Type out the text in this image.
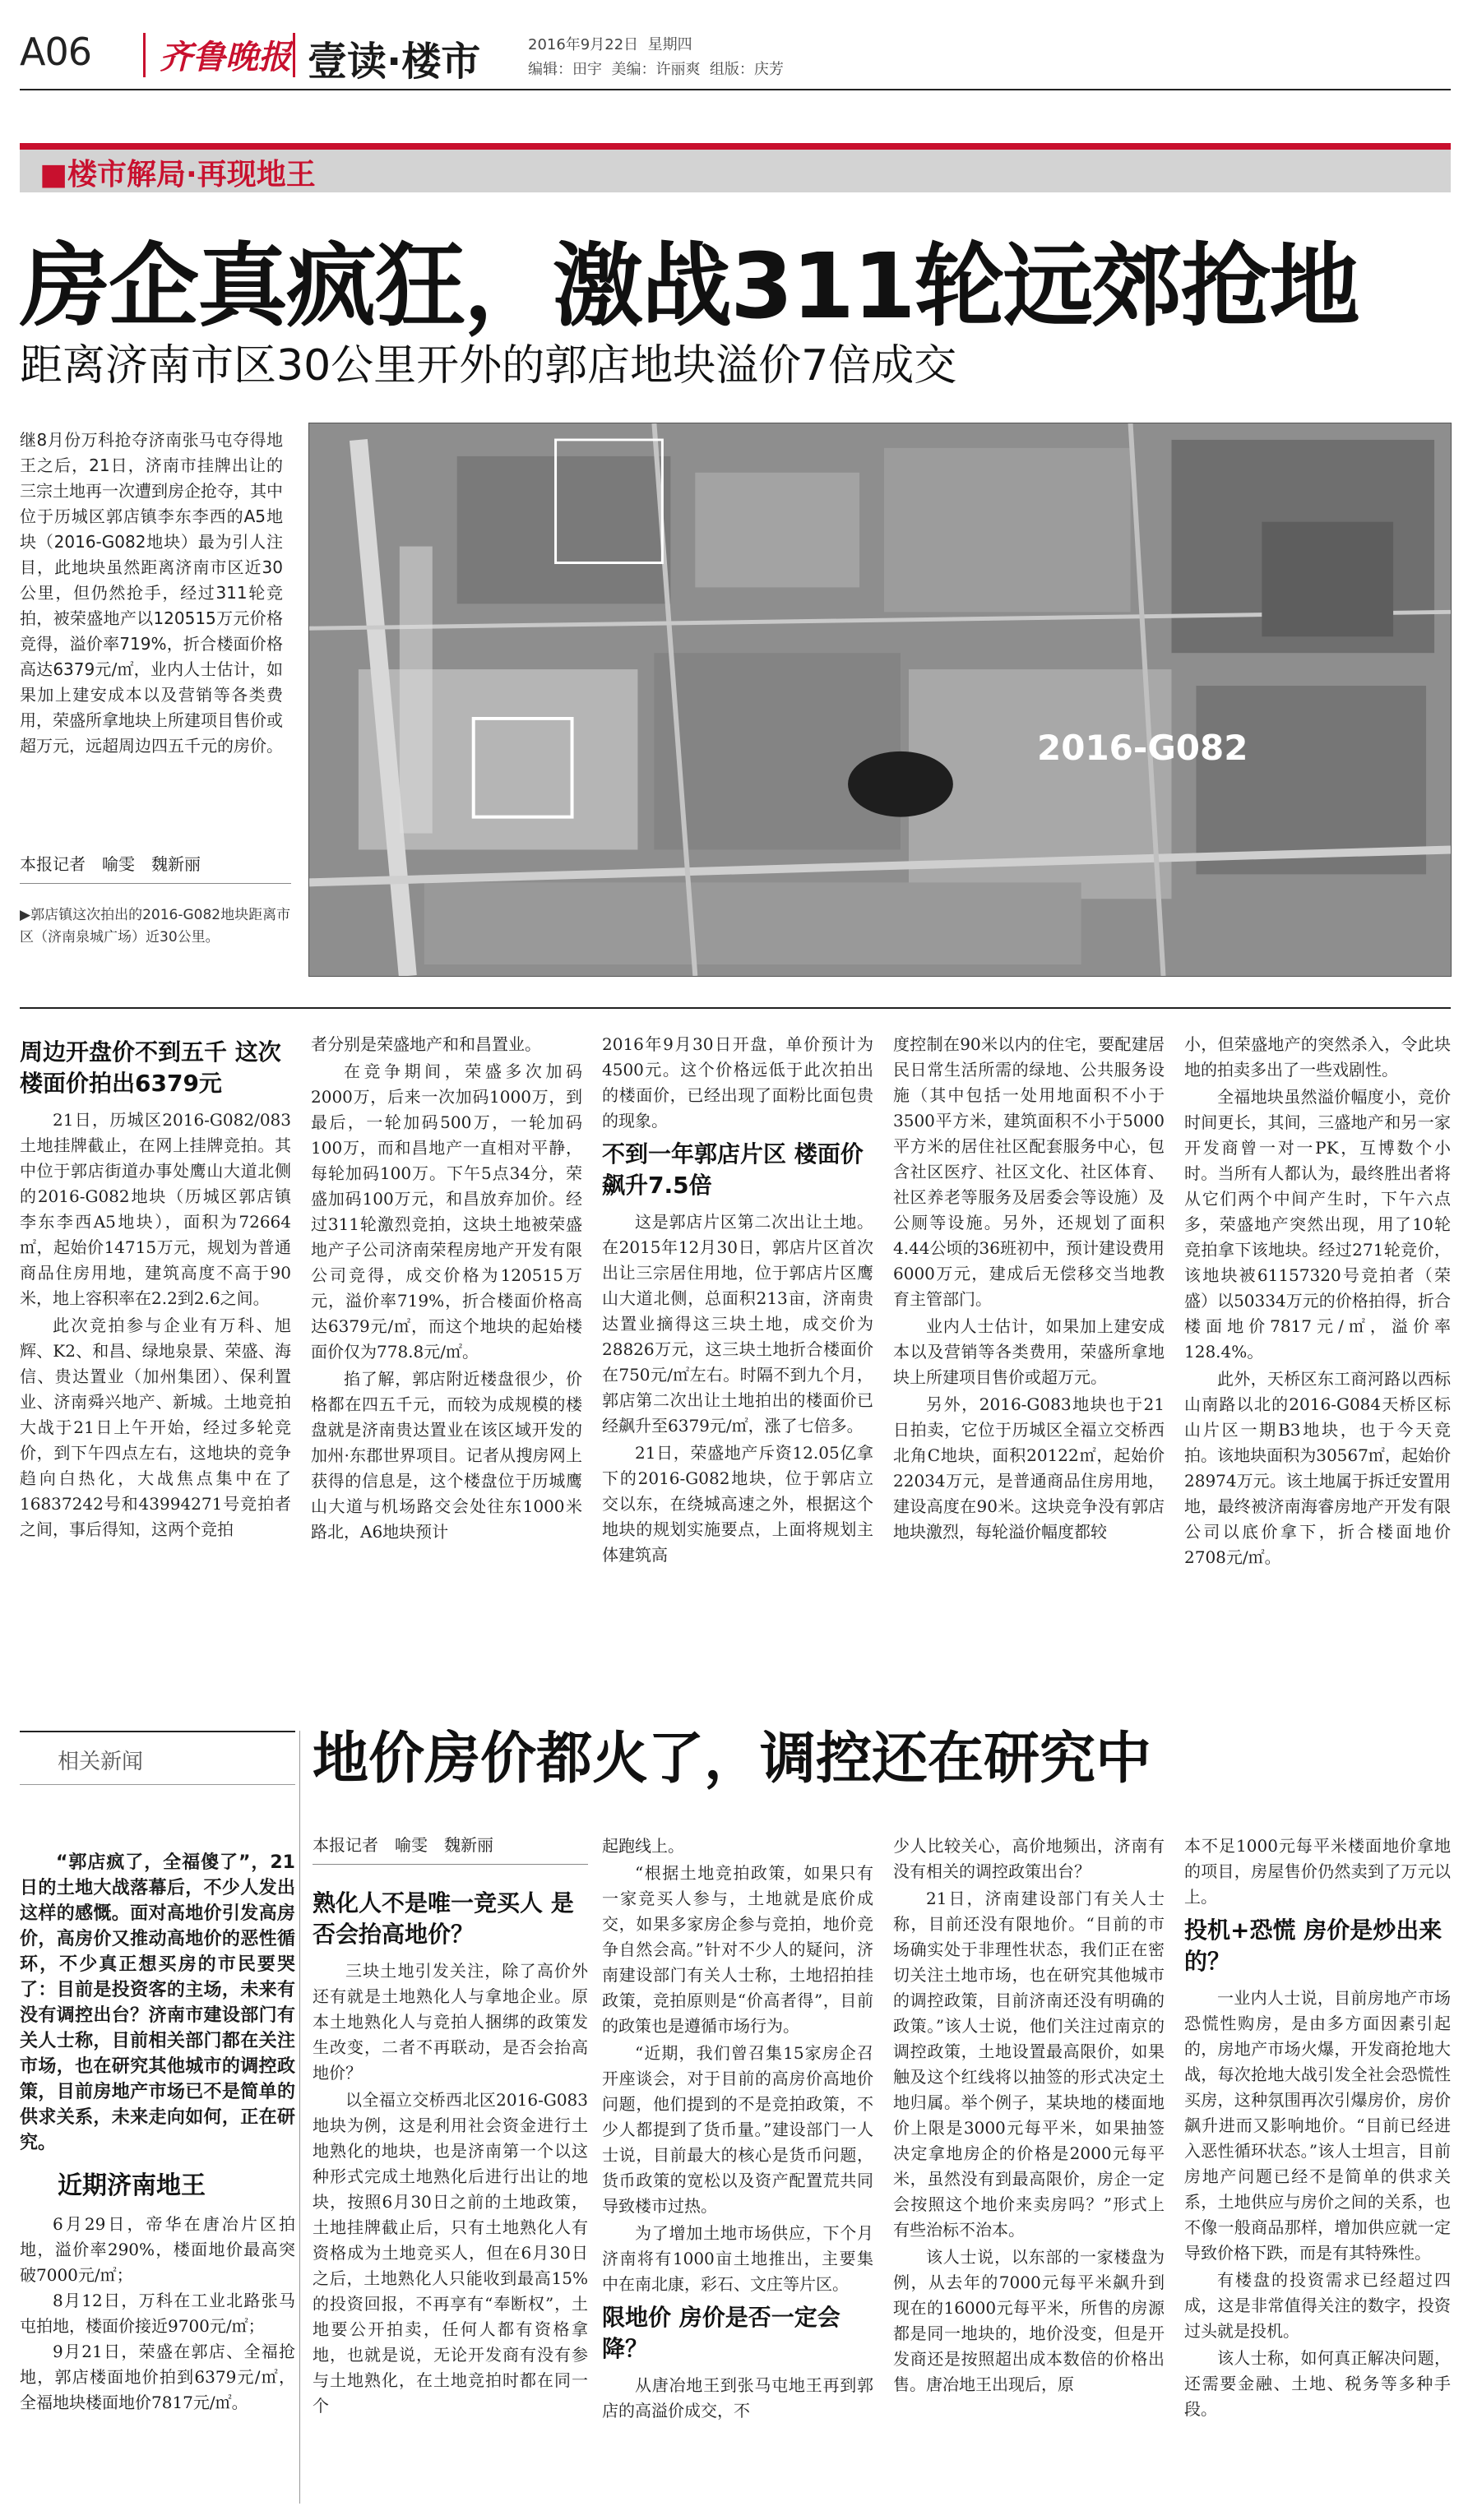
A06 齐鲁晚报 壹读·楼市	2016年9月22日 星期四
编辑：田宇 美编：许丽爽 组版：庆芳
■楼市解局·再现地王
房企真疯狂，激战311轮远郊抢地
距离济南市区30公里开外的郭店地块溢价7倍成交
继8月份万科抢夺济南张马屯夺得地王之后，21日，济南市挂牌出让的三宗土地再一次遭到房企抢夺，其中位于历城区郭店镇李东李西的A5地块（2016-G082地块）最为引人注目，此地块虽然距离济南市区近30公里，但仍然抢手，经过311轮竞拍，被荣盛地产以120515万元价格竞得，溢价率719%，折合楼面价格高达6379元/㎡，业内人士估计，如果加上建安成本以及营销等各类费用，荣盛所拿地块上所建项目售价或超万元，远超周边四五千元的房价。
本报记者　喻雯　魏新丽
▶郭店镇这次拍出的2016-G082地块距离市区（济南泉城广场）近30公里。
2016-G082
周边开盘价不到五千 这次楼面价拍出6379元

21日，历城区2016-G082/083土地挂牌截止，在网上挂牌竞拍。其中位于郭店街道办事处鹰山大道北侧的2016-G082地块（历城区郭店镇李东李西A5地块），面积为72664㎡，起始价14715万元，规划为普通商品住房用地，建筑高度不高于90米，地上容积率在2.2到2.6之间。

此次竞拍参与企业有万科、旭辉、K2、和昌、绿地泉景、荣盛、海信、贵达置业（加州集团）、保利置业、济南舜兴地产、新城。土地竞拍大战于21日上午开始，经过多轮竞价，到下午四点左右，这地块的竞争趋向白热化，大战焦点集中在了16837242号和43994271号竞拍者之间，事后得知，这两个竞拍

者分别是荣盛地产和和昌置业。

在竞争期间，荣盛多次加码2000万，后来一次加码1000万，到最后，一轮加码500万，一轮加码100万，而和昌地产一直相对平静，每轮加码100万。下午5点34分，荣盛加码100万元，和昌放弃加价。经过311轮激烈竞拍，这块土地被荣盛地产子公司济南荣程房地产开发有限公司竞得，成交价格为120515万元，溢价率719%，折合楼面价格高达6379元/㎡，而这个地块的起始楼面价仅为778.8元/㎡。

掐了解，郭店附近楼盘很少，价格都在四五千元，而较为成规模的楼盘就是济南贵达置业在该区域开发的加州·东郡世界项目。记者从搜房网上获得的信息是，这个楼盘位于历城鹰山大道与机场路交会处往东1000米路北，A6地块预计

2016年9月30日开盘，单价预计为4500元。这个价格远低于此次拍出的楼面价，已经出现了面粉比面包贵的现象。

不到一年郭店片区 楼面价飙升7.5倍

这是郭店片区第二次出让土地。在2015年12月30日，郭店片区首次出让三宗居住用地，位于郭店片区鹰山大道北侧，总面积213亩，济南贵达置业摘得这三块土地，成交价为28826万元，这三块土地折合楼面价在750元/㎡左右。时隔不到九个月，郭店第二次出让土地拍出的楼面价已经飙升至6379元/㎡，涨了七倍多。

21日，荣盛地产斥资12.05亿拿下的2016-G082地块，位于郭店立交以东，在绕城高速之外，根据这个地块的规划实施要点，上面将规划主体建筑高

度控制在90米以内的住宅，要配建居民日常生活所需的绿地、公共服务设施（其中包括一处用地面积不小于3500平方米，建筑面积不小于5000平方米的居住社区配套服务中心，包含社区医疗、社区文化、社区体育、社区养老等服务及居委会等设施）及公厕等设施。另外，还规划了面积4.44公顷的36班初中，预计建设费用6000万元，建成后无偿移交当地教育主管部门。

业内人士估计，如果加上建安成本以及营销等各类费用，荣盛所拿地块上所建项目售价或超万元。

另外，2016-G083地块也于21日拍卖，它位于历城区全福立交桥西北角C地块，面积20122㎡，起始价22034万元，是普通商品住房用地，建设高度在90米。这块竞争没有郭店地块激烈，每轮溢价幅度都较

小，但荣盛地产的突然杀入，令此块地的拍卖多出了一些戏剧性。

全福地块虽然溢价幅度小，竞价时间更长，其间，三盛地产和另一家开发商曾一对一PK，互博数个小时。当所有人都认为，最终胜出者将从它们两个中间产生时，下午六点多，荣盛地产突然出现，用了10轮竞拍拿下该地块。经过271轮竞价，该地块被61157320号竞拍者（荣盛）以50334万元的价格拍得，折合楼面地价7817元/㎡，溢价率128.4%。

此外，天桥区东工商河路以西标山南路以北的2016-G084天桥区标山片区一期B3地块，也于今天竞拍。该地块面积为30567㎡，起始价28974万元。该土地属于拆迁安置用地，最终被济南海睿房地产开发有限公司以底价拿下，折合楼面地价2708元/㎡。

地价房价都火了，调控还在研究中
相关新闻

“郭店疯了，全福傻了”，21日的土地大战落幕后，不少人发出这样的感慨。面对高地价引发高房价，高房价又推动高地价的恶性循环，不少真正想买房的市民要哭了：目前是投资客的主场，未来有没有调控出台？济南市建设部门有关人士称，目前相关部门都在关注市场，也在研究其他城市的调控政策，目前房地产市场已不是简单的供求关系，未来走向如何，正在研究。

近期济南地王

6月29日，帝华在唐冶片区拍地，溢价率290%，楼面地价最高突破7000元/㎡；

8月12日，万科在工业北路张马屯拍地，楼面价接近9700元/㎡；

9月21日，荣盛在郭店、全福抢地，郭店楼面地价拍到6379元/㎡，全福地块楼面地价7817元/㎡。

本报记者　喻雯　魏新丽
熟化人不是唯一竞买人 是否会抬高地价？

三块土地引发关注，除了高价外还有就是土地熟化人与拿地企业。原本土地熟化人与竞拍人捆绑的政策发生改变，二者不再联动，是否会抬高地价？

以全福立交桥西北区2016-G083地块为例，这是利用社会资金进行土地熟化的地块，也是济南第一个以这种形式完成土地熟化后进行出让的地块，按照6月30日之前的土地政策，土地挂牌截止后，只有土地熟化人有资格成为土地竞买人，但在6月30日之后，土地熟化人只能收到最高15%的投资回报，不再享有“奉断权”，土地要公开拍卖，任何人都有资格拿地，也就是说，无论开发商有没有参与土地熟化，在土地竞拍时都在同一个

起跑线上。

“根据土地竞拍政策，如果只有一家竞买人参与，土地就是底价成交，如果多家房企参与竞拍，地价竞争自然会高。”针对不少人的疑问，济南建设部门有关人士称，土地招拍挂政策，竞拍原则是“价高者得”，目前的政策也是遵循市场行为。

“近期，我们曾召集15家房企召开座谈会，对于目前的高房价高地价问题，他们提到的不是竞拍政策，不少人都提到了货币量。”建设部门一人士说，目前最大的核心是货币问题，货币政策的宽松以及资产配置荒共同导致楼市过热。

为了增加土地市场供应，下个月济南将有1000亩土地推出，主要集中在南北康，彩石、文庄等片区。

限地价 房价是否一定会降？

从唐冶地王到张马屯地王再到郭店的高溢价成交，不

少人比较关心，高价地频出，济南有没有相关的调控政策出台？

21日，济南建设部门有关人士称，目前还没有限地价。“目前的市场确实处于非理性状态，我们正在密切关注土地市场，也在研究其他城市的调控政策，目前济南还没有明确的政策。”该人士说，他们关注过南京的调控政策，土地设置最高限价，如果触及这个红线将以抽签的形式决定土地归属。举个例子，某块地的楼面地价上限是3000元每平米，如果抽签决定拿地房企的价格是2000元每平米，虽然没有到最高限价，房企一定会按照这个地价来卖房吗？”形式上有些治标不治本。

该人士说，以东部的一家楼盘为例，从去年的7000元每平米飙升到现在的16000元每平米，所售的房源都是同一地块的，地价没变，但是开发商还是按照超出成本数倍的价格出售。唐冶地王出现后，原

本不足1000元每平米楼面地价拿地的项目，房屋售价仍然卖到了万元以上。

投机+恐慌 房价是炒出来的？

一业内人士说，目前房地产市场恐慌性购房，是由多方面因素引起的，房地产市场火爆，开发商抢地大战，每次抢地大战引发全社会恐慌性买房，这种氛围再次引爆房价，房价飙升进而又影响地价。“目前已经进入恶性循环状态。”该人士坦言，目前房地产问题已经不是简单的供求关系，土地供应与房价之间的关系，也不像一般商品那样，增加供应就一定导致价格下跌，而是有其特殊性。

有楼盘的投资需求已经超过四成，这是非常值得关注的数字，投资过头就是投机。

该人士称，如何真正解决问题，还需要金融、土地、税务等多种手段。
